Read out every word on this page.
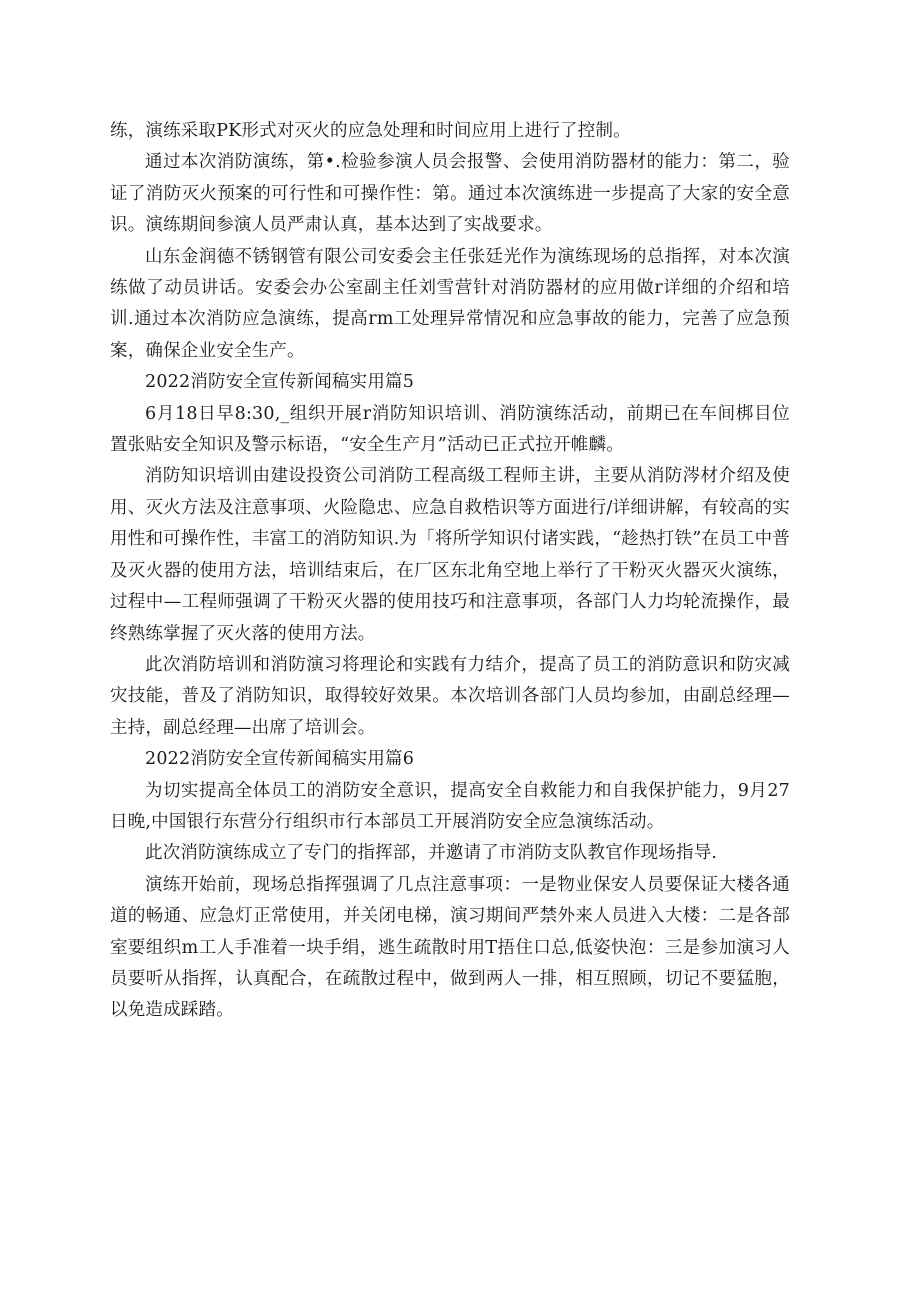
练，演练采取PK形式对灭火的应急处理和时间应用上进行了控制。

通过本次消防演练，第•.检验参演人员会报警、会使用消防器材的能力：第二，验证了消防灭火预案的可行性和可操作性：第。通过本次演练进一步提高了大家的安全意识。演练期间参演人员严肃认真，基本达到了实战要求。

山东金润德不锈钢管有限公司安委会主任张廷光作为演练现场的总指挥，对本次演练做了动员讲话。安委会办公室副主任刘雪营针对消防器材的应用做r详细的介绍和培训.通过本次消防应急演练，提高rm工处理异常情况和应急事故的能力，完善了应急预案，确保企业安全生产。

2022消防安全宣传新闻稿实用篇5

6月18日早8:30,_组织开展r消防知识培训、消防演练活动，前期已在车间梆目位置张贴安全知识及警示标语，“安全生产月”活动已正式拉开帷麟。

消防知识培训由建设投资公司消防工程高级工程师主讲，主要从消防涔材介绍及使用、灭火方法及注意事项、火险隐忠、应急自救梏识等方面进行/详细讲解，有较高的实用性和可操作性，丰富工的消防知识.为「将所学知识付诸实践，“趁热打铁”在员工中普及灭火器的使用方法，培训结束后，在厂区东北角空地上举行了干粉灭火器灭火演练，过程中—工程师强调了干粉灭火器的使用技巧和注意事项，各部门人力均轮流操作，最终熟练掌握了灭火落的使用方法。

此次消防培训和消防演习将理论和实践有力结介，提高了员工的消防意识和防灾减灾技能，普及了消防知识，取得较好效果。本次培训各部门人员均参加，由副总经理—主持，副总经理—出席了培训会。

2022消防安全宣传新闻稿实用篇6

为切实提高全体员工的消防安全意识，提高安全自救能力和自我保护能力，9月27日晚,中国银行东营分行组织市行本部员工开展消防安全应急演练活动。

此次消防演练成立了专门的指挥部，并邀请了市消防支队教官作现场指导.

演练开始前，现场总指挥强调了几点注意事项：一是物业保安人员要保证大楼各通道的畅通、应急灯正常使用，并关闭电梯，演习期间严禁外来人员进入大楼：二是各部室要组织m工人手准着一块手绢，逃生疏散时用T捂住口总,低姿快泡：三是参加演习人员要听从指挥，认真配合，在疏散过程中，做到两人一排，相互照顾，切记不要猛胞，以免造成踩踏。
